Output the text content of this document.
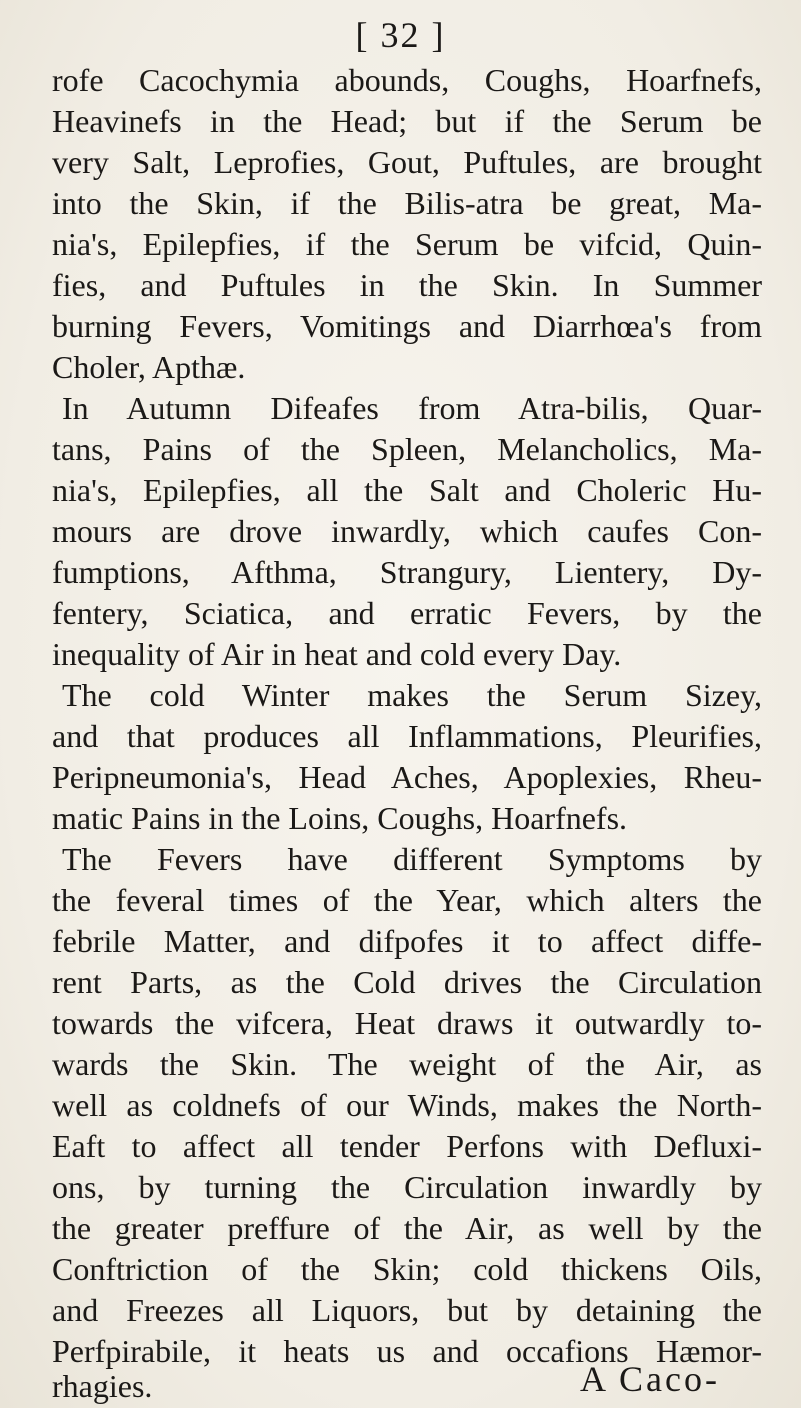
[ 32 ]
rofe Cacochymia abounds, Coughs, Hoarfnefs,
Heavinefs in the Head; but if the Serum be
very Salt, Leprofies, Gout, Puftules, are brought
into the Skin, if the Bilis-atra be great, Ma-
nia's, Epilepfies, if the Serum be vifcid, Quin-
fies, and Puftules in the Skin. In Summer
burning Fevers, Vomitings and Diarrhœa's from
Choler, Apthæ.
In Autumn Difeafes from Atra-bilis, Quar-
tans, Pains of the Spleen, Melancholics, Ma-
nia's, Epilepfies, all the Salt and Choleric Hu-
mours are drove inwardly, which caufes Con-
fumptions, Afthma, Strangury, Lientery, Dy-
fentery, Sciatica, and erratic Fevers, by the
inequality of Air in heat and cold every Day.
The cold Winter makes the Serum Sizey,
and that produces all Inflammations, Pleurifies,
Peripneumonia's, Head Aches, Apoplexies, Rheu-
matic Pains in the Loins, Coughs, Hoarfnefs.
The Fevers have different Symptoms by
the feveral times of the Year, which alters the
febrile Matter, and difpofes it to affect diffe-
rent Parts, as the Cold drives the Circulation
towards the vifcera, Heat draws it outwardly to-
wards the Skin. The weight of the Air, as
well as coldnefs of our Winds, makes the North-
Eaft to affect all tender Perfons with Defluxi-
ons, by turning the Circulation inwardly by
the greater preffure of the Air, as well by the
Conftriction of the Skin; cold thickens Oils,
and Freezes all Liquors, but by detaining the
Perfpirabile, it heats us and occafions Hæmor-
rhagies.	A Caco-
